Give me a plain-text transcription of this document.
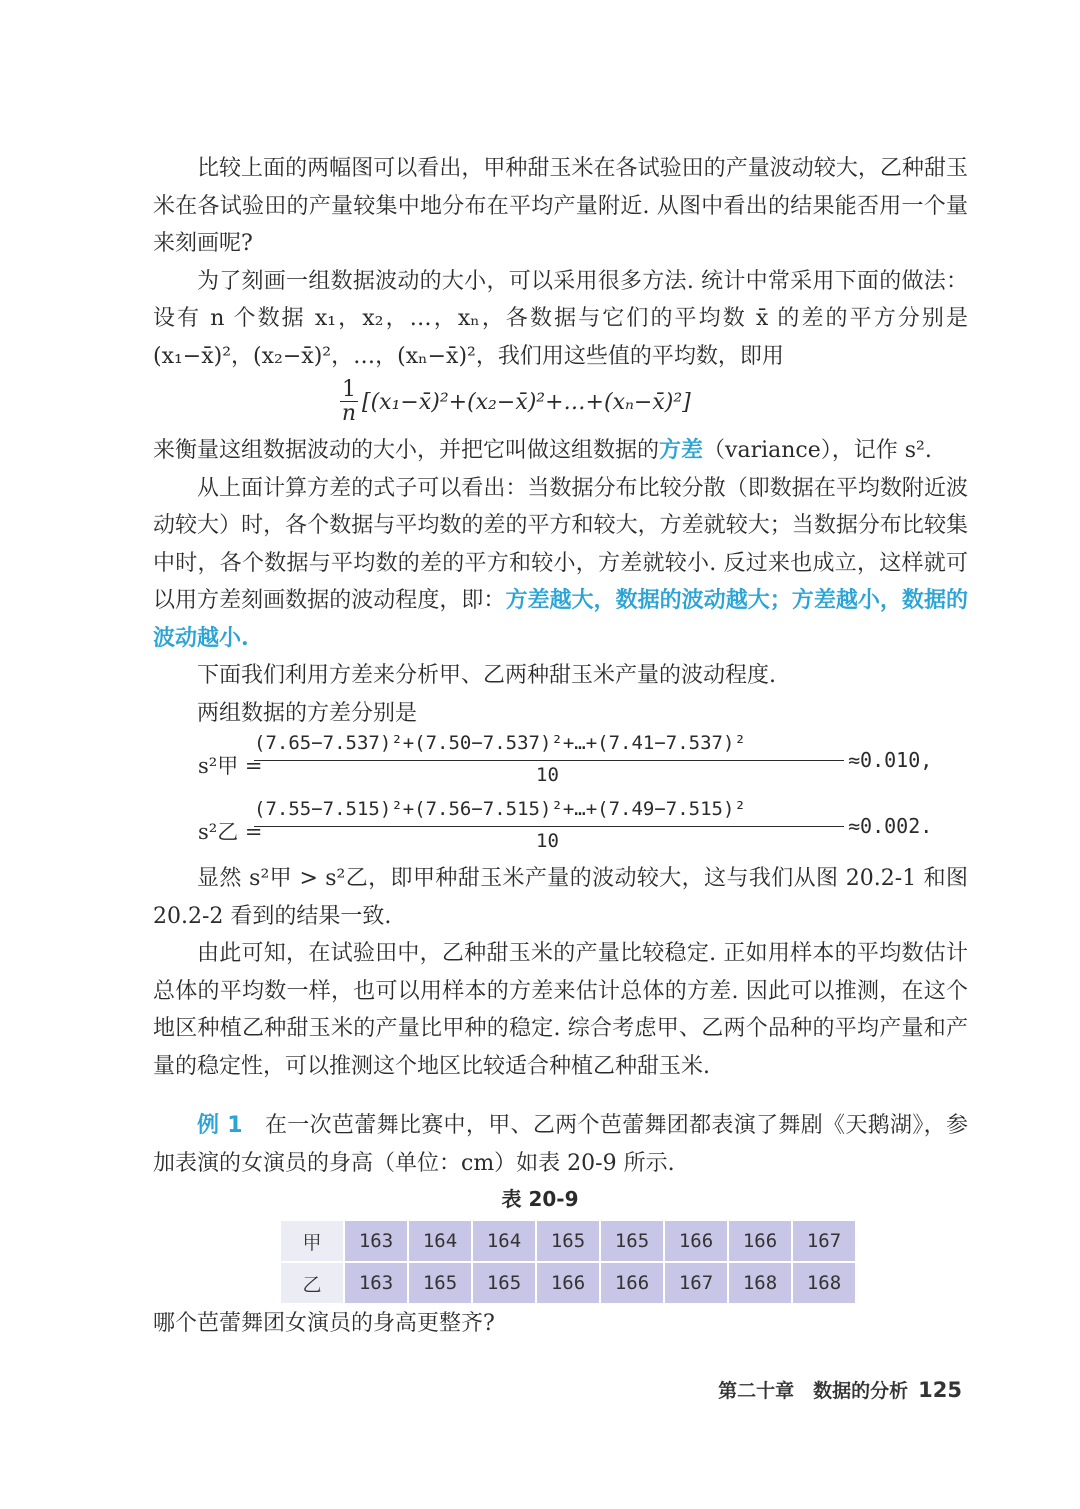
比较上面的两幅图可以看出，甲种甜玉米在各试验田的产量波动较大，乙种甜玉米在各试验田的产量较集中地分布在平均产量附近. 从图中看出的结果能否用一个量来刻画呢?

为了刻画一组数据波动的大小，可以采用很多方法. 统计中常采用下面的做法：设有 n 个数据 x₁，x₂，…，xₙ，各数据与它们的平均数 x̄ 的差的平方分别是 (x₁−x̄)²，(x₂−x̄)²，…，(xₙ−x̄)²，我们用这些值的平均数，即用

$\frac{1}{n}$ [(x₁−x̄)²+(x₂−x̄)²+…+(xₙ−x̄)²]

来衡量这组数据波动的大小，并把它叫做这组数据的方差（variance），记作 s².

从上面计算方差的式子可以看出：当数据分布比较分散（即数据在平均数附近波动较大）时，各个数据与平均数的差的平方和较大，方差就较大；当数据分布比较集中时，各个数据与平均数的差的平方和较小，方差就较小. 反过来也成立，这样就可以用方差刻画数据的波动程度，即：方差越大，数据的波动越大；方差越小，数据的波动越小.

下面我们利用方差来分析甲、乙两种甜玉米产量的波动程度.

两组数据的方差分别是

s²甲 =
(7.65−7.537)²+(7.50−7.537)²+…+(7.41−7.537)²
10
≈0.010,
s²乙 =
(7.55−7.515)²+(7.56−7.515)²+…+(7.49−7.515)²
10
≈0.002.

显然 s²甲 > s²乙，即甲种甜玉米产量的波动较大，这与我们从图 20.2-1 和图 20.2-2 看到的结果一致.

由此可知，在试验田中，乙种甜玉米的产量比较稳定. 正如用样本的平均数估计总体的平均数一样，也可以用样本的方差来估计总体的方差. 因此可以推测，在这个地区种植乙种甜玉米的产量比甲种的稳定. 综合考虑甲、乙两个品种的平均产量和产量的稳定性，可以推测这个地区比较适合种植乙种甜玉米.

例 1 在一次芭蕾舞比赛中，甲、乙两个芭蕾舞团都表演了舞剧《天鹅湖》，参加表演的女演员的身高（单位：cm）如表 20-9 所示.

表 20-9
甲	163	164	164	165	165	166	166	167
乙	163	165	165	166	166	167	168	168

哪个芭蕾舞团女演员的身高更整齐?

第二十章　数据的分析 125
